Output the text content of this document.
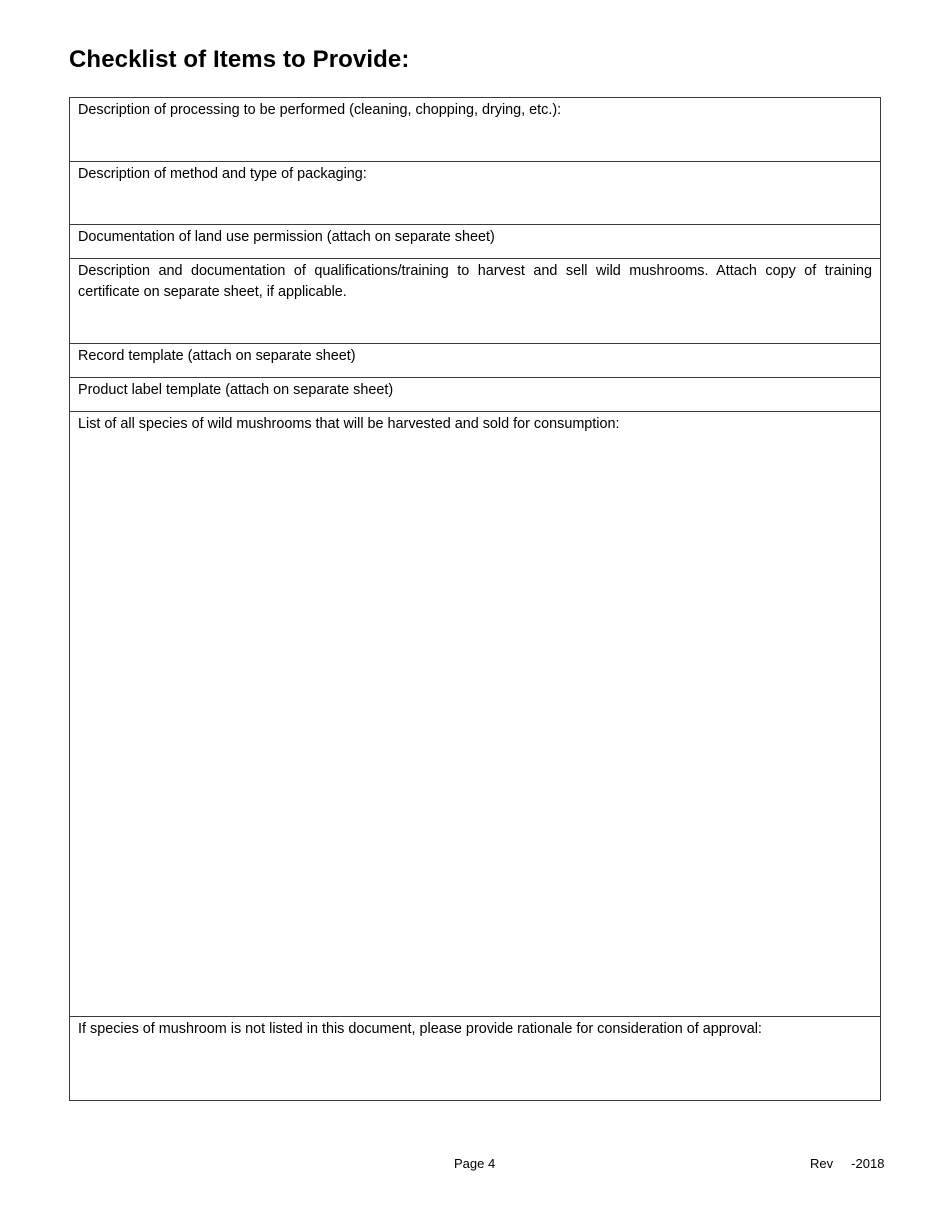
Checklist of Items to Provide:
Description of processing to be performed (cleaning, chopping, drying, etc.):
Description of method and type of packaging:
Documentation of land use permission (attach on separate sheet)
Description and documentation of qualifications/training to harvest and sell wild mushrooms. Attach copy of training certificate on separate sheet, if applicable.
Record template (attach on separate sheet)
Product label template (attach on separate sheet)
List of all species of wild mushrooms that will be harvested and sold for consumption:
If species of mushroom is not listed in this document, please provide rationale for consideration of approval:
Page 4	Rev     -2018
